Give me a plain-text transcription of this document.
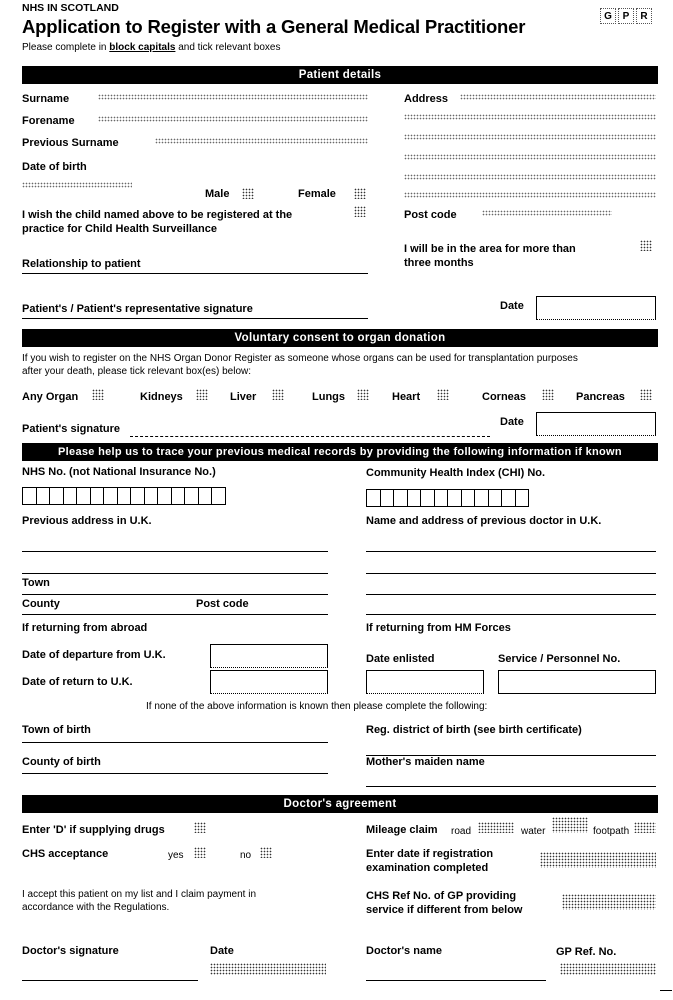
NHS IN SCOTLAND
Application to Register with a General Medical Practitioner
Please complete in block capitals and tick relevant boxes
G	P	R
Patient details
Surname
Forename
Previous Surname
Date of birth
Male	Female
I wish the child named above to be registered at the
practice for Child Health Surveillance
Address
Post code
I will be in the area for more than
three months
Relationship to patient
Patient's / Patient's representative signature	Date
Voluntary consent to organ donation
If you wish to register on the NHS Organ Donor Register as someone whose organs can be used for transplantation purposes
after your death, please tick relevant box(es) below:
Any Organ	Kidneys	Liver	Lungs	Heart	Corneas	Pancreas
Patient's signature
Date
Please help us to trace your previous medical records by providing the following information if known
NHS No. (not National Insurance No.)	Community Health Index (CHI) No.
Previous address in U.K.
Town
County	Post code
Name and address of previous doctor in U.K.
If returning from abroad
Date of departure from U.K.
Date of return to U.K.
If returning from HM Forces
Date enlisted	Service / Personnel No.
If none of the above information is known then please complete the following:
Town of birth	Reg. district of birth (see birth certificate)
County of birth	Mother's maiden name
Doctor's agreement
Enter 'D' if supplying drugs
CHS acceptance	yes	no
Mileage claim road	water	footpath
Enter date if registration
examination completed
I accept this patient on my list and I claim payment in
accordance with the Regulations.
CHS Ref No. of GP providing
service if different from below
Doctor's signature	Date	Doctor's name	GP Ref. No.
